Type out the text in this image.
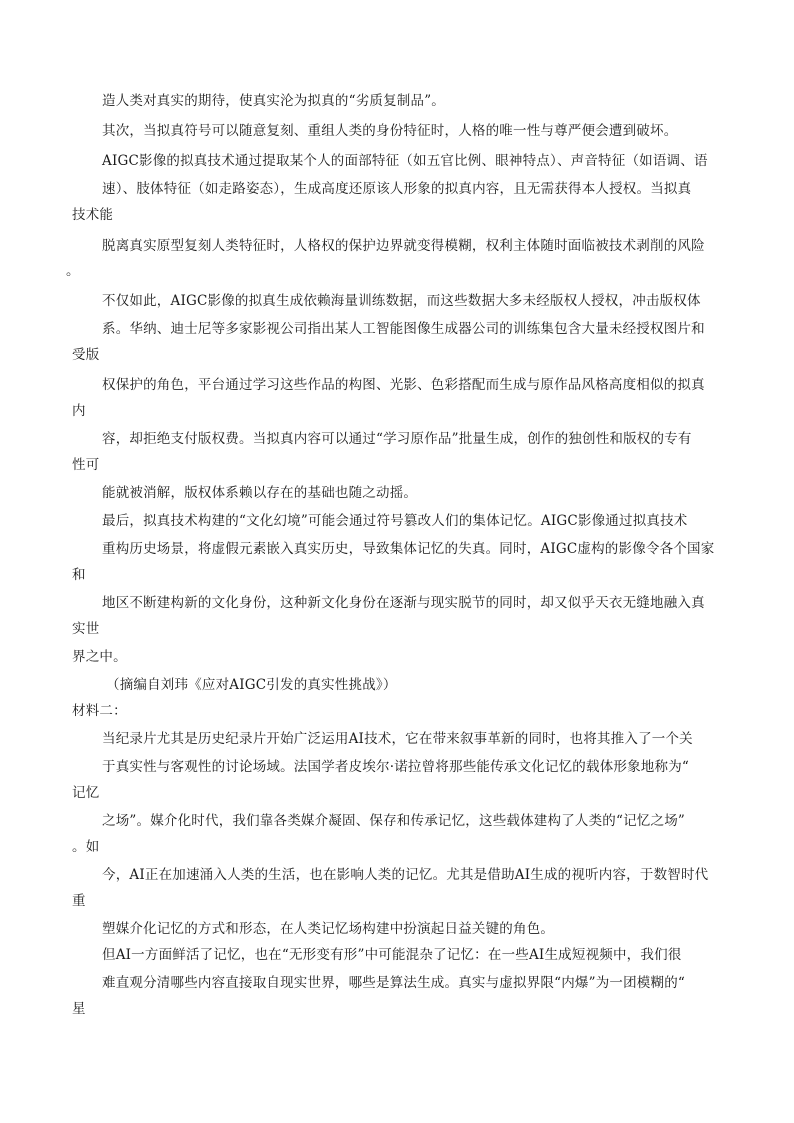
造人类对真实的期待，使真实沦为拟真的“劣质复制品”。
其次，当拟真符号可以随意复刻、重组人类的身份特征时，人格的唯一性与尊严便会遭到破坏。
AIGC影像的拟真技术通过提取某个人的面部特征（如五官比例、眼神特点）、声音特征（如语调、语
速）、肢体特征（如走路姿态），生成高度还原该人形象的拟真内容，且无需获得本人授权。当拟真
技术能
脱离真实原型复刻人类特征时，人格权的保护边界就变得模糊，权利主体随时面临被技术剥削的风险
。
不仅如此，AIGC影像的拟真生成依赖海量训练数据，而这些数据大多未经版权人授权，冲击版权体
系。华纳、迪士尼等多家影视公司指出某人工智能图像生成器公司的训练集包含大量未经授权图片和
受版
权保护的角色，平台通过学习这些作品的构图、光影、色彩搭配而生成与原作品风格高度相似的拟真
内
容，却拒绝支付版权费。当拟真内容可以通过“学习原作品”批量生成，创作的独创性和版权的专有
性可
能就被消解，版权体系赖以存在的基础也随之动摇。
最后，拟真技术构建的“文化幻境”可能会通过符号篡改人们的集体记忆。AIGC影像通过拟真技术
重构历史场景，将虚假元素嵌入真实历史，导致集体记忆的失真。同时，AIGC虚构的影像令各个国家
和
地区不断建构新的文化身份，这种新文化身份在逐渐与现实脱节的同时，却又似乎天衣无缝地融入真
实世
界之中。
（摘编自刘玮《应对AIGC引发的真实性挑战》）
材料二：
当纪录片尤其是历史纪录片开始广泛运用AI技术，它在带来叙事革新的同时，也将其推入了一个关
于真实性与客观性的讨论场域。法国学者皮埃尔·诺拉曾将那些能传承文化记忆的载体形象地称为“
记忆
之场”。媒介化时代，我们靠各类媒介凝固、保存和传承记忆，这些载体建构了人类的“记忆之场”
。如
今，AI正在加速涌入人类的生活，也在影响人类的记忆。尤其是借助AI生成的视听内容，于数智时代
重
塑媒介化记忆的方式和形态，在人类记忆场构建中扮演起日益关键的角色。
但AI一方面鲜活了记忆，也在“无形变有形”中可能混杂了记忆：在一些AI生成短视频中，我们很
难直观分清哪些内容直接取自现实世界，哪些是算法生成。真实与虚拟界限“内爆”为一团模糊的“
星
